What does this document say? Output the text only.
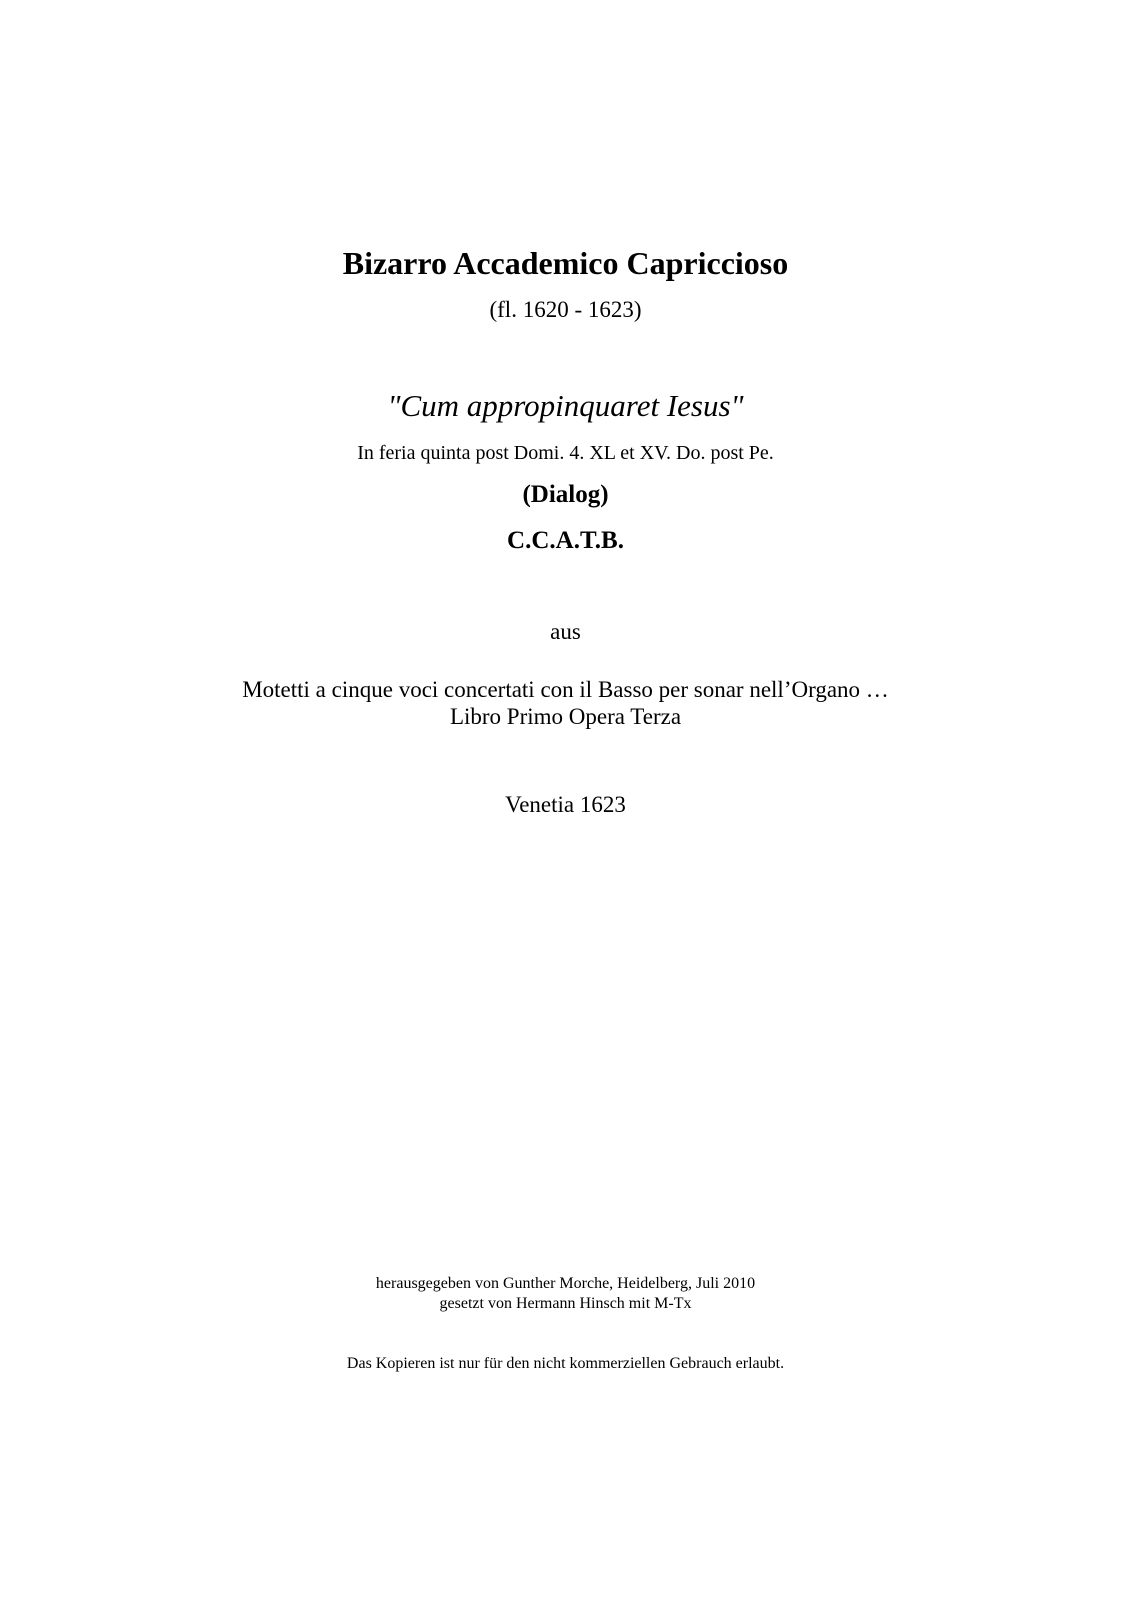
Bizarro Accademico Capriccioso
(fl. 1620 - 1623)
"Cum appropinquaret Iesus"
In feria quinta post Domi. 4. XL et XV. Do. post Pe.
(Dialog)
C.C.A.T.B.
aus
Motetti a cinque voci concertati con il Basso per sonar nell’Organo …
Libro Primo Opera Terza
Venetia 1623
herausgegeben von Gunther Morche, Heidelberg, Juli 2010
gesetzt von Hermann Hinsch mit M-Tx
Das Kopieren ist nur für den nicht kommerziellen Gebrauch erlaubt.
